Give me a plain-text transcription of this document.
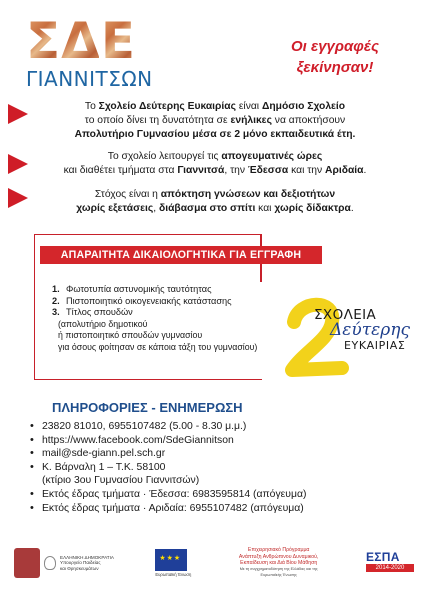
Σ Δ Ε
ΓΙΑΝΝΙΤΣΩΝ
Οι εγγραφές ξεκίνησαν!
Το Σχολείο Δεύτερης Ευκαιρίας είναι Δημόσιο Σχολείο
το οποίο δίνει τη δυνατότητα σε ενήλικες να αποκτήσουν
Απολυτήριο Γυμνασίου μέσα σε 2 μόνο εκπαιδευτικά έτη.
Το σχολείο λειτουργεί τις απογευματινές ώρες
και διαθέτει τμήματα στα Γιαννιτσά, την Έδεσσα και την Αριδαία.
Στόχος είναι η απόκτηση γνώσεων και δεξιοτήτων
χωρίς εξετάσεις, διάβασμα στο σπίτι και χωρίς δίδακτρα.
ΑΠΑΡΑΙΤΗΤΑ ΔΙΚΑΙΟΛΟΓΗΤΙΚΑ ΓΙΑ ΕΓΓΡΑΦΗ
1. Φωτοτυπία αστυνομικής ταυτότητας
2. Πιστοποιητικό οικογενειακής κατάστασης
3. Τίτλος σπουδών
(απολυτήριο δημοτικού
ή πιστοποιητικό σπουδών γυμνασίου
για όσους φοίτησαν σε κάποια τάξη του γυμνασίου)
ΣΧΟΛΕΙΑ
Δεύτερης
ΕΥΚΑΙΡΙΑΣ
ΠΛΗΡΟΦΟΡΙΕΣ - ΕΝΗΜΕΡΩΣΗ
• 23820 81010, 6955107482 (5.00 - 8.30 μ.μ.)
• https://www.facebook.com/SdeGiannitson
• mail@sde-giann.pel.sch.gr
• Κ. Βάρναλη 1 – Τ.Κ. 58100
(κτίριο 3ου Γυμνασίου Γιαννιτσών)
• Εκτός έδρας τμήματα · Έδεσσα: 6983595814 (απόγευμα)
• Εκτός έδρας τμήματα · Αριδαία: 6955107482 (απόγευμα)
ΕΛΛΗΝΙΚΗ ΔΗΜΟΚΡΑΤΙΑ
Υπουργείο Παιδείας
και Θρησκευμάτων
★★★
Ευρωπαϊκή Ένωση
Επιχειρησιακό Πρόγραμμα
Ανάπτυξη Ανθρώπινου Δυναμικού,
Εκπαίδευση και Διά Βίου Μάθηση
Με τη συγχρηματοδότηση της Ελλάδας και της Ευρωπαϊκής Ένωσης
ΕΣΠΑ
2014-2020
